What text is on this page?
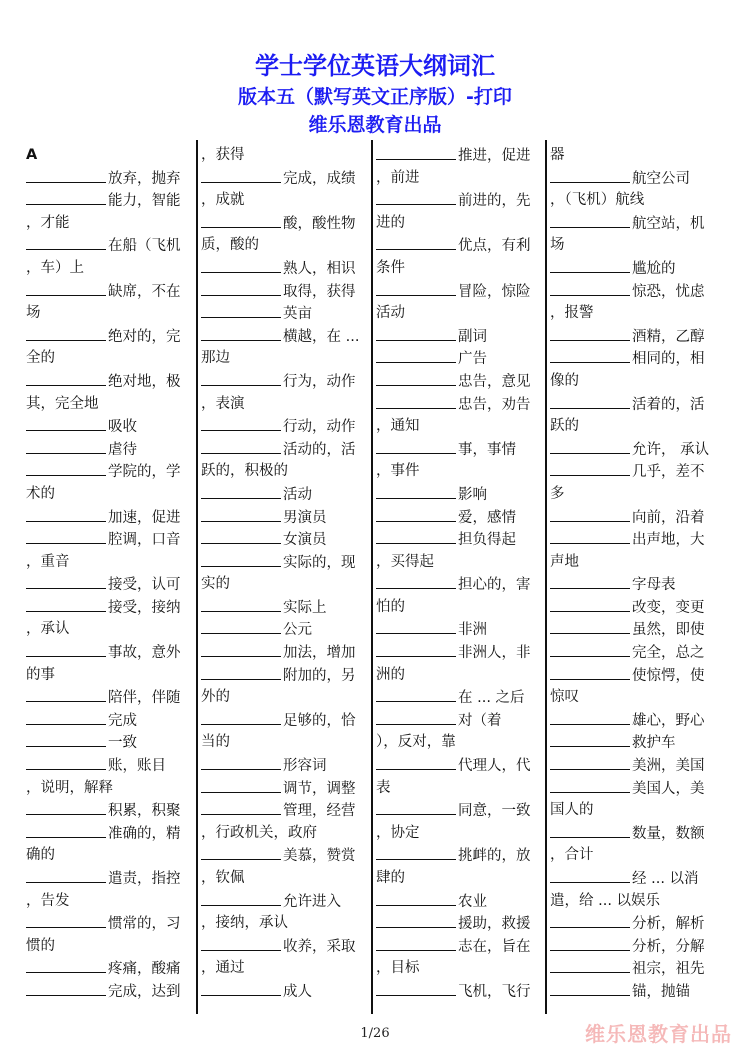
学士学位英语大纲词汇
版本五（默写英文正序版）-打印
维乐恩教育出品
A
放弃，抛弃
能力，智能
，才能
在船（飞机
，车）上
缺席，不在
场
绝对的，完
全的
绝对地，极
其，完全地
吸收
虐待
学院的，学
术的
加速，促进
腔调，口音
，重音
接受，认可
接受，接纳
，承认
事故，意外
的事
陪伴，伴随
完成
一致
账，账目
，说明，解释
积累，积聚
准确的，精
确的
遣责，指控
，告发
惯常的，习
惯的
疼痛，酸痛
完成，达到
，获得
完成，成绩
，成就
酸，酸性物
质，酸的
熟人，相识
取得，获得
英亩
横越，在 ...
那边
行为，动作
，表演
行动，动作
活动的，活
跃的，积极的
活动
男演员
女演员
实际的，现
实的
实际上
公元
加法，增加
附加的，另
外的
足够的，恰
当的
形容词
调节，调整
管理，经营
，行政机关，政府
美慕，赞赏
，钦佩
允许进入
，接纳，承认
收养，采取
，通过
成人
推进，促进
，前进
前进的，先
进的
优点，有利
条件
冒险，惊险
活动
副词
广告
忠告，意见
忠告，劝告
，通知
事，事情
，事件
影响
爱，感情
担负得起
，买得起
担心的，害
怕的
非洲
非洲人，非
洲的
在 ... 之后
对（着
），反对，靠
代理人，代
表
同意，一致
，协定
挑衅的，放
肆的
农业
援助，救援
志在，旨在
，目标
飞机，飞行
器
航空公司
，（飞机）航线
航空站，机
场
尴尬的
惊恐，忧虑
，报警
酒精，乙醇
相同的，相
像的
活着的，活
跃的
允许， 承认
几乎，差不
多
向前，沿着
出声地，大
声地
字母表
改变，变更
虽然，即使
完全，总之
使惊愕，使
惊叹
雄心，野心
救护车
美洲，美国
美国人，美
国人的
数量，数额
，合计
经 ... 以消
遣，给 ... 以娱乐
分析，解析
分析，分解
祖宗，祖先
锚，抛锚
1/26	维乐恩教育出品
